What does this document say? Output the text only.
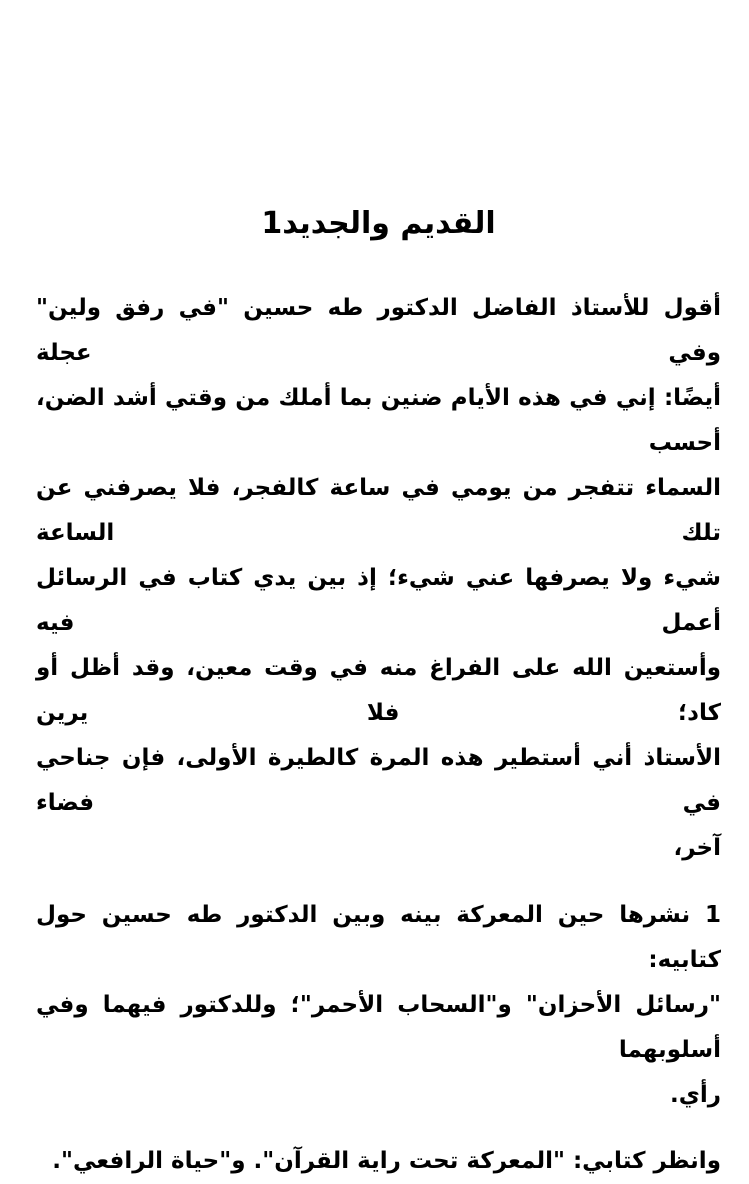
القديم والجديد1
أقول للأستاذ الفاضل الدكتور طه حسين "في رفق ولين" وفي عجلة
أيضًا: إني في هذه الأيام ضنين بما أملك من وقتي أشد الضن، أحسب
السماء تتفجر من يومي في ساعة كالفجر، فلا يصرفني عن تلك الساعة
شيء ولا يصرفها عني شيء؛ إذ بين يدي كتاب في الرسائل أعمل فيه
وأستعين الله على الفراغ منه في وقت معين، وقد أظل أو كاد؛ فلا يرين
الأستاذ أني أستطير هذه المرة كالطيرة الأولى، فإن جناحي في فضاء
آخر،
1 نشرها حين المعركة بينه وبين الدكتور طه حسين حول كتابيه:
"رسائل الأحزان" و"السحاب الأحمر"؛ وللدكتور فيهما وفي أسلوبهما
رأي.
وانظر كتابي: "المعركة تحت راية القرآن". و"حياة الرافعي".
